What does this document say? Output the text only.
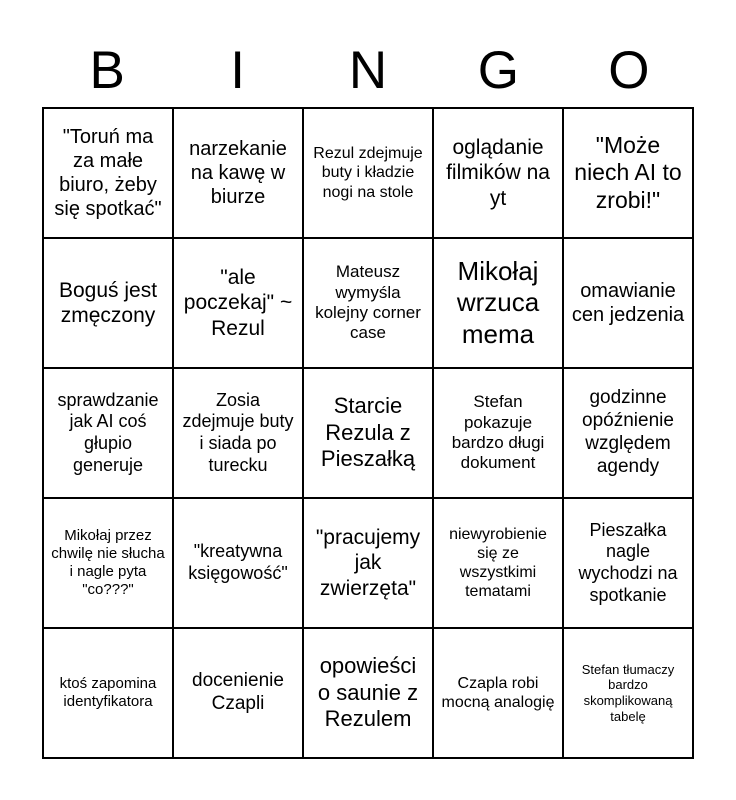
B	I	N	G	O
"Toruń ma za małe biuro, żeby się spotkać"
narzekanie na kawę w biurze
Rezul zdejmuje buty i kładzie nogi na stole
oglądanie filmików na yt
"Może niech AI to zrobi!"
Boguś jest zmęczony
"ale poczekaj" ~ Rezul
Mateusz wymyśla kolejny corner case
Mikołaj wrzuca mema
omawianie cen jedzenia
sprawdzanie jak AI coś głupio generuje
Zosia zdejmuje buty i siada po turecku
Starcie Rezula z Pieszałką
Stefan pokazuje bardzo długi dokument
godzinne opóźnienie względem agendy
Mikołaj przez chwilę nie słucha i nagle pyta "co???"
"kreatywna księgowość"
"pracujemy jak zwierzęta"
niewyrobienie się ze wszystkimi tematami
Pieszałka nagle wychodzi na spotkanie
ktoś zapomina identyfikatora
docenienie Czapli
opowieści o saunie z Rezulem
Czapla robi mocną analogię
Stefan tłumaczy bardzo skomplikowaną tabelę
